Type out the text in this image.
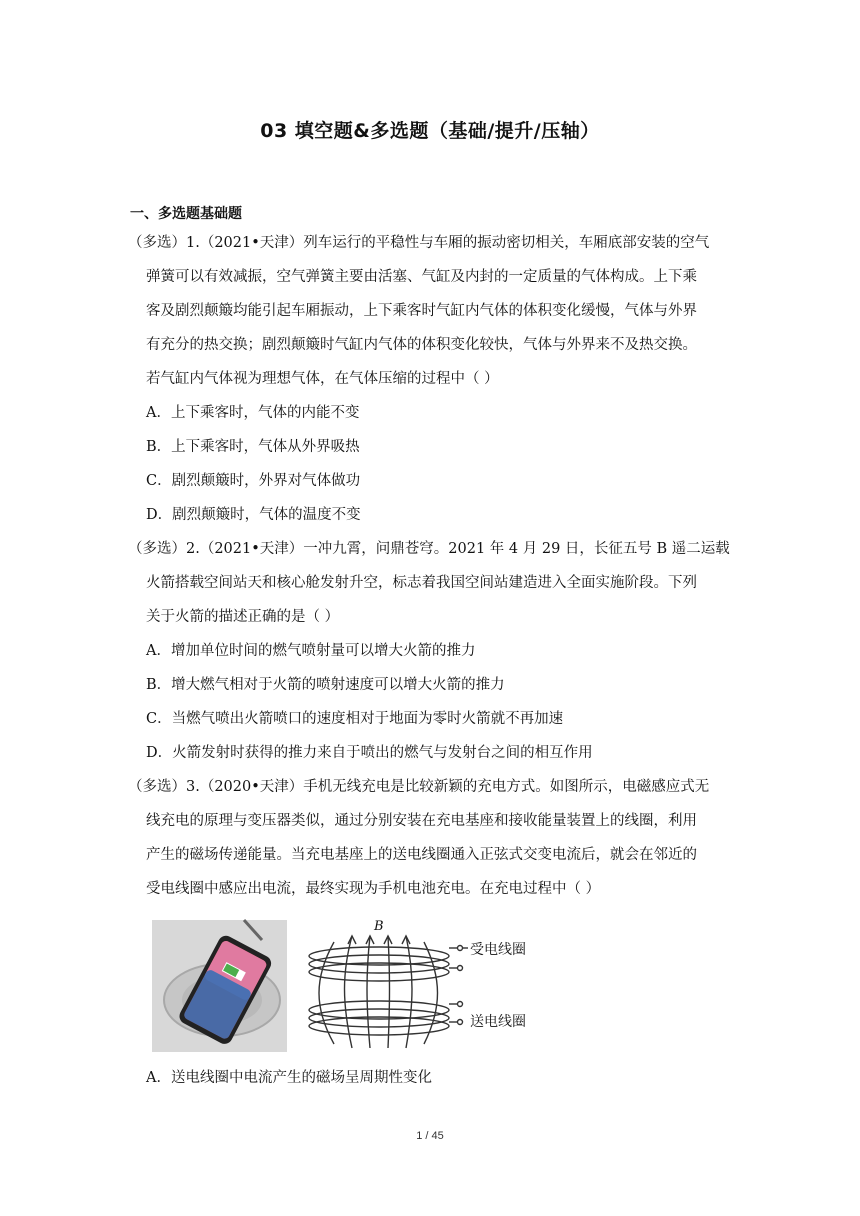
03 填空题&多选题（基础/提升/压轴）
一、多选题基础题
（多选）1.（2021•天津）列车运行的平稳性与车厢的振动密切相关，车厢底部安装的空气
弹簧可以有效减振，空气弹簧主要由活塞、气缸及内封的一定质量的气体构成。上下乘
客及剧烈颠簸均能引起车厢振动，上下乘客时气缸内气体的体积变化缓慢，气体与外界
有充分的热交换；剧烈颠簸时气缸内气体的体积变化较快，气体与外界来不及热交换。
若气缸内气体视为理想气体，在气体压缩的过程中（ ）
A．上下乘客时，气体的内能不变
B．上下乘客时，气体从外界吸热
C．剧烈颠簸时，外界对气体做功
D．剧烈颠簸时，气体的温度不变
（多选）2.（2021•天津）一冲九霄，问鼎苍穹。2021 年 4 月 29 日，长征五号 B 遥二运载
火箭搭载空间站天和核心舱发射升空，标志着我国空间站建造进入全面实施阶段。下列
关于火箭的描述正确的是（ ）
A．增加单位时间的燃气喷射量可以增大火箭的推力
B．增大燃气相对于火箭的喷射速度可以增大火箭的推力
C．当燃气喷出火箭喷口的速度相对于地面为零时火箭就不再加速
D．火箭发射时获得的推力来自于喷出的燃气与发射台之间的相互作用
（多选）3.（2020•天津）手机无线充电是比较新颖的充电方式。如图所示，电磁感应式无
线充电的原理与变压器类似，通过分别安装在充电基座和接收能量装置上的线圈，利用
产生的磁场传递能量。当充电基座上的送电线圈通入正弦式交变电流后，就会在邻近的
受电线圈中感应出电流，最终实现为手机电池充电。在充电过程中（ ）
B
受电线圈
送电线圈
A．送电线圈中电流产生的磁场呈周期性变化
1 / 45
